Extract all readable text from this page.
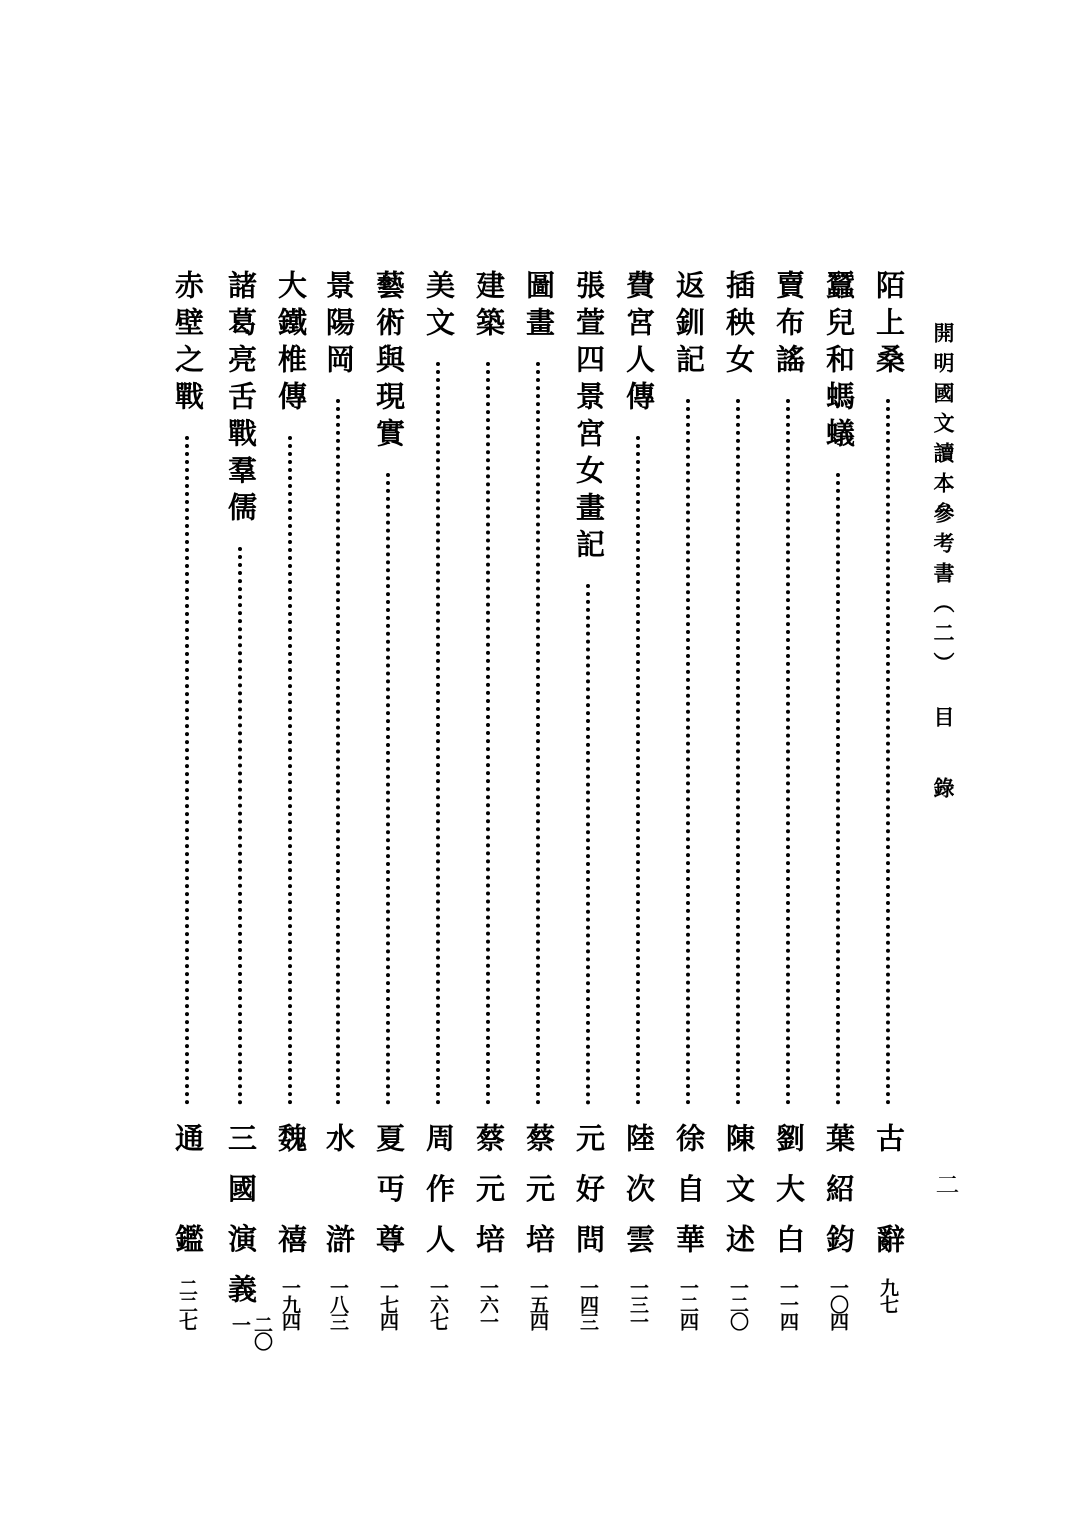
開明國文讀本參考書（二）
目錄
二
陌上桑
古辭
九七
蠶兒和螞蟻
葉紹鈞
一〇四
賣布謠
劉大白
一一四
插秧女
陳文述
一二〇
返釧記
徐自華
一二四
費宮人傳
陸次雲
一三一
張萱四景宮女畫記
元好問
一四三
圖畫
蔡元培
一五四
建築
蔡元培
一六一
美文
周作人
一六七
藝術與現實
夏丏尊
一七四
景陽岡
水滸
一八三
大鐵椎傳
魏禧
一九四
諸葛亮舌戰羣儒
三國演義
二〇一
赤壁之戰
通鑑
二二七
